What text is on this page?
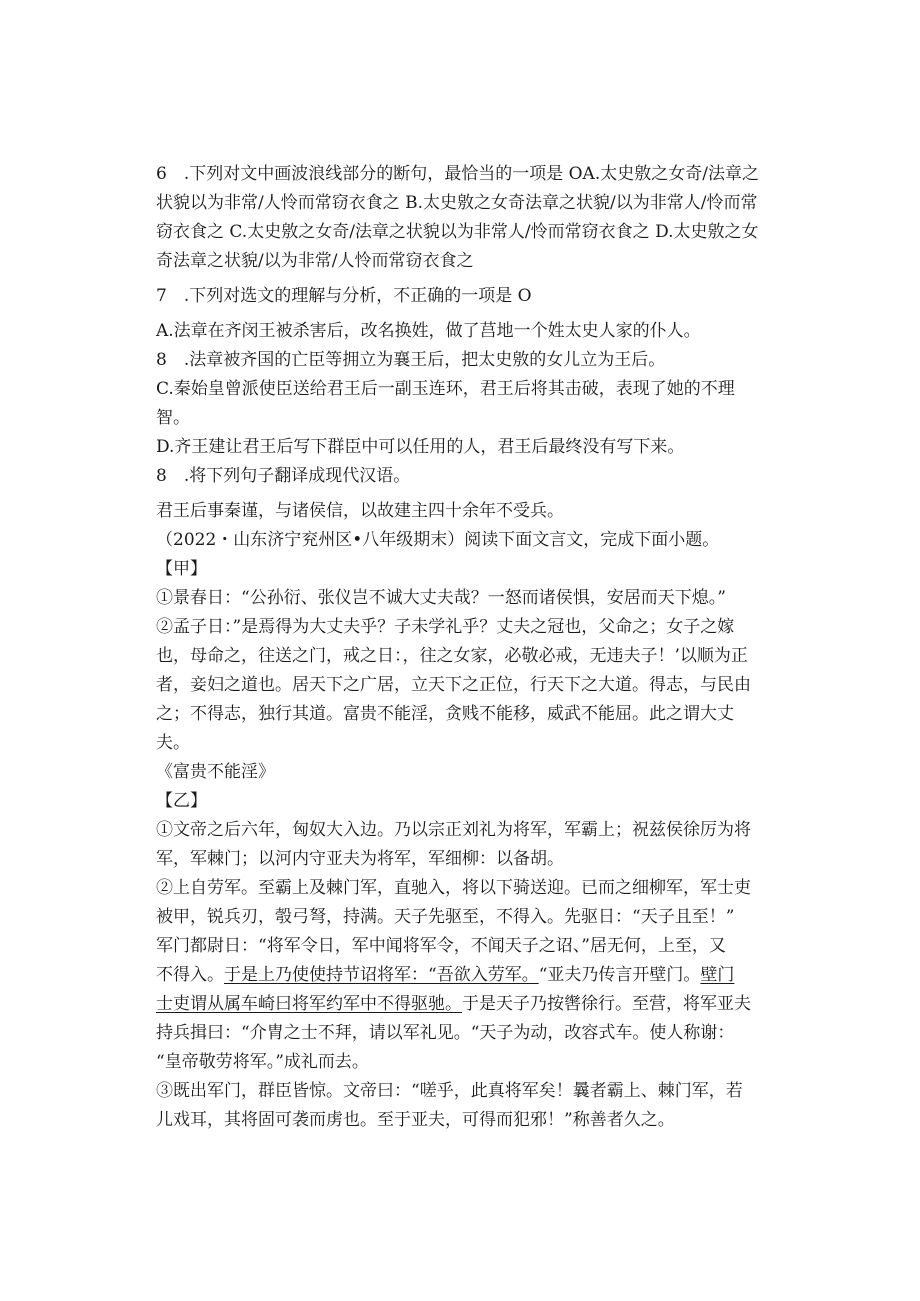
6　.下列对文中画波浪线部分的断句，最恰当的一项是 OA.太史敫之女奇/法章之
状貌以为非常/人怜而常窃衣食之 B.太史敫之女奇法章之状貌/以为非常人/怜而常
窃衣食之 C.太史敫之女奇/法章之状貌以为非常人/怜而常窃衣食之 D.太史敫之女
奇法章之状貌/以为非常/人怜而常窃衣食之
7　.下列对选文的理解与分析，不正确的一项是 O
A.法章在齐闵王被杀害后，改名换姓，做了莒地一个姓太史人家的仆人。
8　.法章被齐国的亡臣等拥立为襄王后，把太史敫的女儿立为王后。
C.秦始皇曾派使臣送给君王后一副玉连环，君王后将其击破，表现了她的不理
智。
D.齐王建让君王后写下群臣中可以任用的人，君王后最终没有写下来。
8　.将下列句子翻译成现代汉语。
君王后事秦谨，与诸侯信，以故建主四十余年不受兵。
（2022・山东济宁兖州区•八年级期末）阅读下面文言文，完成下面小题。
【甲】
①景春日：“公孙衍、张仪岂不诚大丈夫哉？一怒而诸侯惧，安居而天下熄。”
②孟子日：”是焉得为大丈夫乎？子未学礼乎？丈夫之冠也，父命之；女子之嫁
也，母命之，往送之门，戒之日：，往之女家，必敬必戒，无违夫子！’以顺为正
者，妾妇之道也。居天下之广居，立天下之正位，行天下之大道。得志，与民由
之；不得志，独行其道。富贵不能淫，贪贱不能移，威武不能屈。此之谓大丈
夫。
《富贵不能淫》
【乙】
①文帝之后六年，匈奴大入边。乃以宗正刘礼为将军，军霸上；祝兹侯徐厉为将
军，军棘门；以河内守亚夫为将军，军细柳：以备胡。
②上自劳军。至霸上及棘门军，直驰入，将以下骑送迎。已而之细柳军，军士吏
被甲，锐兵刃，彀弓弩，持满。天子先驱至，不得入。先驱日：“天子且至！”
军门都尉日：“将军令日，军中闻将军令，不闻天子之诏、”居无何，上至，又
不得入。于是上乃使使持节诏将军：“吾欲入劳军。“亚夫乃传言开壁门。壁门
士吏谓从属车崎曰将军约军中不得驱驰。于是天子乃按辔徐行。至营，将军亚夫
持兵揖曰：“介胄之士不拜，请以军礼见。“天子为动，改容式车。使人称谢：
“皇帝敬劳将军。”成礼而去。
③既出军门，群臣皆惊。文帝曰：“嗟乎，此真将军矣！曩者霸上、棘门军，若
儿戏耳，其将固可袭而虏也。至于亚夫，可得而犯邪！”称善者久之。
